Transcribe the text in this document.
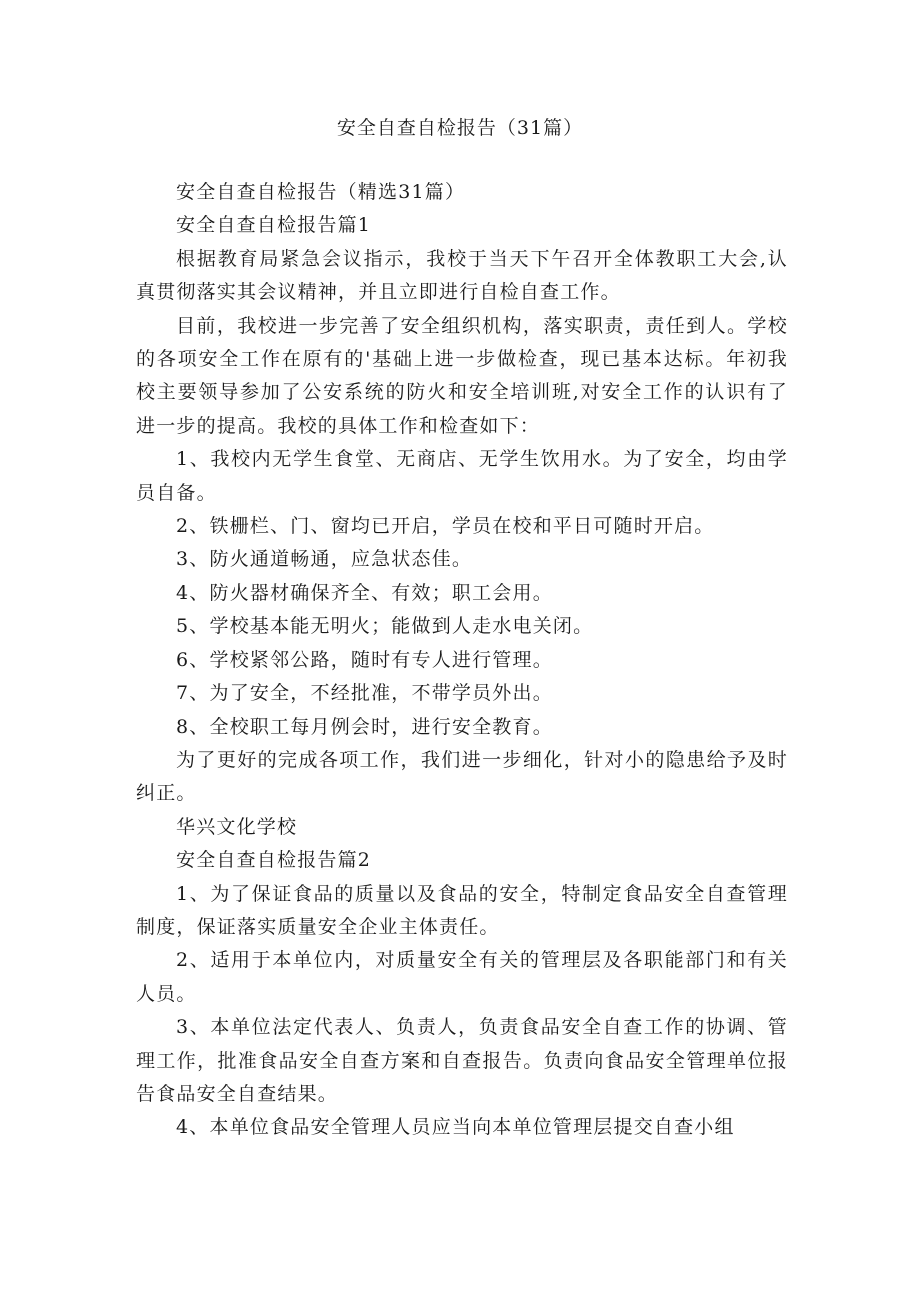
安全自查自检报告（31篇）

安全自查自检报告（精选31篇）

安全自查自检报告篇1

根据教育局紧急会议指示，我校于当天下午召开全体教职工大会,认真贯彻落实其会议精神，并且立即进行自检自查工作。

目前，我校进一步完善了安全组织机构，落实职责，责任到人。学校的各项安全工作在原有的'基础上进一步做检查，现已基本达标。年初我校主要领导参加了公安系统的防火和安全培训班,对安全工作的认识有了进一步的提高。我校的具体工作和检查如下：

1、我校内无学生食堂、无商店、无学生饮用水。为了安全，均由学员自备。

2、铁栅栏、门、窗均已开启，学员在校和平日可随时开启。

3、防火通道畅通，应急状态佳。

4、防火器材确保齐全、有效；职工会用。

5、学校基本能无明火；能做到人走水电关闭。

6、学校紧邻公路，随时有专人进行管理。

7、为了安全，不经批准，不带学员外出。

8、全校职工每月例会时，进行安全教育。

为了更好的完成各项工作，我们进一步细化，针对小的隐患给予及时纠正。

华兴文化学校

安全自查自检报告篇2

1、为了保证食品的质量以及食品的安全，特制定食品安全自查管理制度，保证落实质量安全企业主体责任。

2、适用于本单位内，对质量安全有关的管理层及各职能部门和有关人员。

3、本单位法定代表人、负责人，负责食品安全自查工作的协调、管理工作，批准食品安全自查方案和自查报告。负责向食品安全管理单位报告食品安全自查结果。

4、本单位食品安全管理人员应当向本单位管理层提交自查小组
